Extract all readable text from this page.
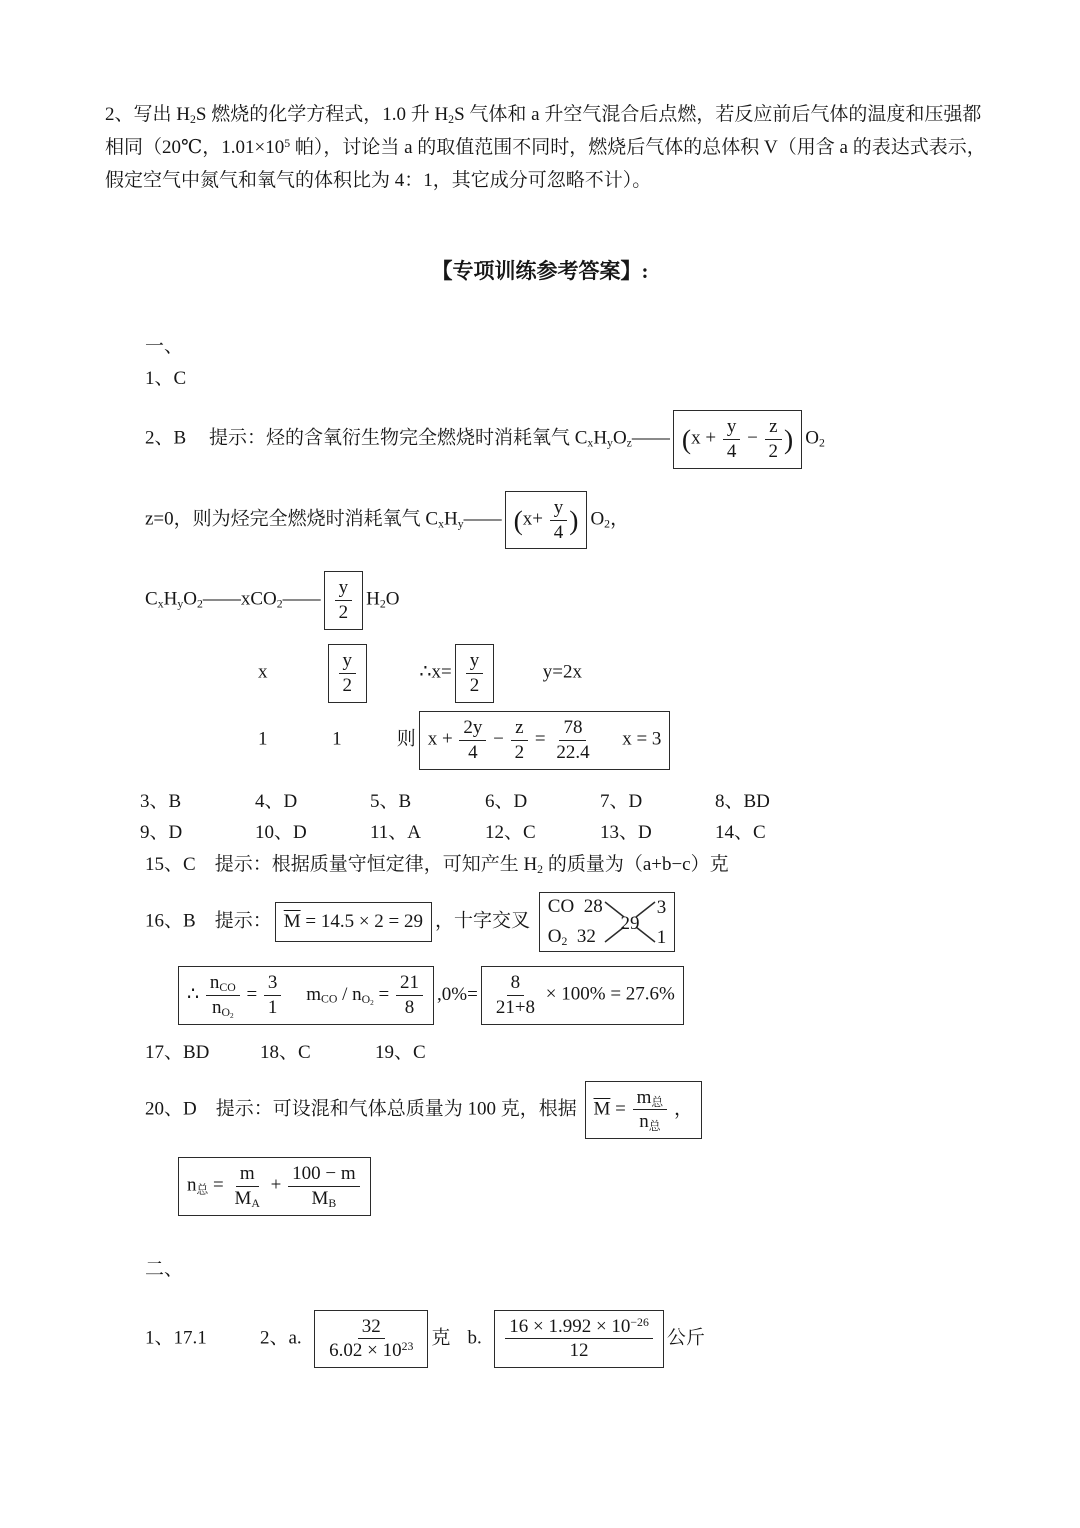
2、写出 $H_2S$ 燃烧的化学方程式，1.0 升 $H_2S$ 气体和 a 升空气混合后点燃，若反应前后气体的温度和压强都
相同（20℃，$1.01\times 10^5$ 帕），讨论当 a 的取值范围不同时，燃烧后气体的总体积 V（用含 a 的表达式表示，
假定空气中氮气和氧气的体积比为 4：1，其它成分可忽略不计）。
【专项训练参考答案】:
一、
1、C
2、B 提示：烃的含氧衍生物完全燃烧时消耗氧气 $C_xH_yO_z——$ ($x + \frac{y}{4} - \frac{z}{2}$ ) $O_2$
z=0，则为烃完全燃烧时消耗氧气 $C_xH_y——$ ($x+ \frac{y}{4}$ ) $O_2$，
$C_xH_yO_2——xCO_2—— \frac{y}{2} H_2O$
x	$\frac{y}{2}$	∴x= $\frac{y}{2}$	y=2x
1	1	则 $x + \frac{2y}{4} - \frac{z}{2} = \frac{78}{22.4}$ x = 3
3、B	4、D	5、B	6、D	7、D	8、BD
9、D	10、D	11、A	12、C	13、D	14、C
15、C 提示：根据质量守恒定律，可知产生 $H_2$ 的质量为（a+b−c）克
16、B 提示： $\overline{M} = 14.5 \times 2 = 29$ ，十字交叉
CO  28
$O_2$  32
29
3
1
∴ $\frac{n_{CO}}{n_{O_2}} = \frac{3}{1} m_{CO} / n_{O_2} = \frac{21}{8} ,0\%= \frac{8}{21+8} \times 100\% = 27.6\%$
17、BD	18、C	19、C
20、D 提示：可设混和气体总质量为 100 克，根据 $\overline{M} = \frac{m_总}{n_总}$ ，
$n_总 = \frac{m}{M_A} + \frac{100 - m}{M_B}$
二、
1、17.1	2、a. $\frac{32}{6.02 \times 10^{23}}$ 克 b. $\frac{16 \times 1.992 \times 10^{-26}}{12}$ 公斤
